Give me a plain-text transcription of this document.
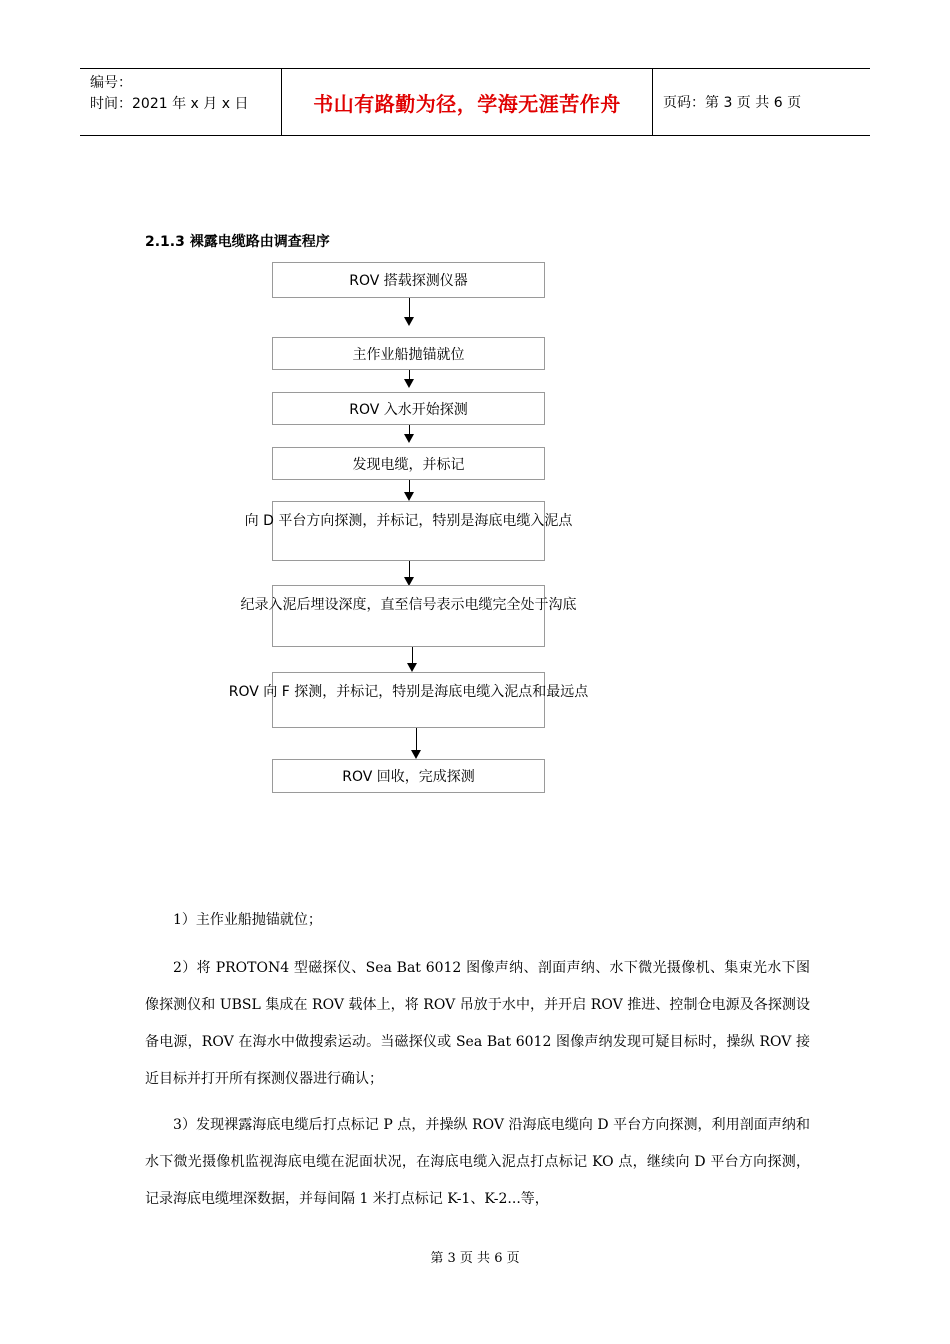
编号：
时间：2021 年 x 月 x 日	书山有路勤为径，学海无涯苦作舟	页码：第 3 页 共 6 页
2.1.3 裸露电缆路由调查程序
ROV 搭载探测仪器
主作业船抛锚就位
ROV 入水开始探测
发现电缆，并标记
向 D 平台方向探测，并标记，特别是海底电缆入泥点
纪录入泥后埋设深度，直至信号表示电缆完全处于沟底
ROV 向 F 探测，并标记，特别是海底电缆入泥点和最远点
ROV 回收，完成探测
1）主作业船抛锚就位；
2）将 PROTON4 型磁探仪、Sea Bat 6012 图像声纳、剖面声纳、水下微光摄像机、集束光水下图像探测仪和 UBSL 集成在 ROV 载体上，将 ROV 吊放于水中，并开启 ROV 推进、控制仓电源及各探测设备电源，ROV 在海水中做搜索运动。当磁探仪或 Sea Bat 6012 图像声纳发现可疑目标时，操纵 ROV 接近目标并打开所有探测仪器进行确认；
3）发现裸露海底电缆后打点标记 P 点，并操纵 ROV 沿海底电缆向 D 平台方向探测，利用剖面声纳和水下微光摄像机监视海底电缆在泥面状况，在海底电缆入泥点打点标记 KO 点，继续向 D 平台方向探测，记录海底电缆埋深数据，并每间隔 1 米打点标记 K-1、K-2...等，
第 3 页 共 6 页
